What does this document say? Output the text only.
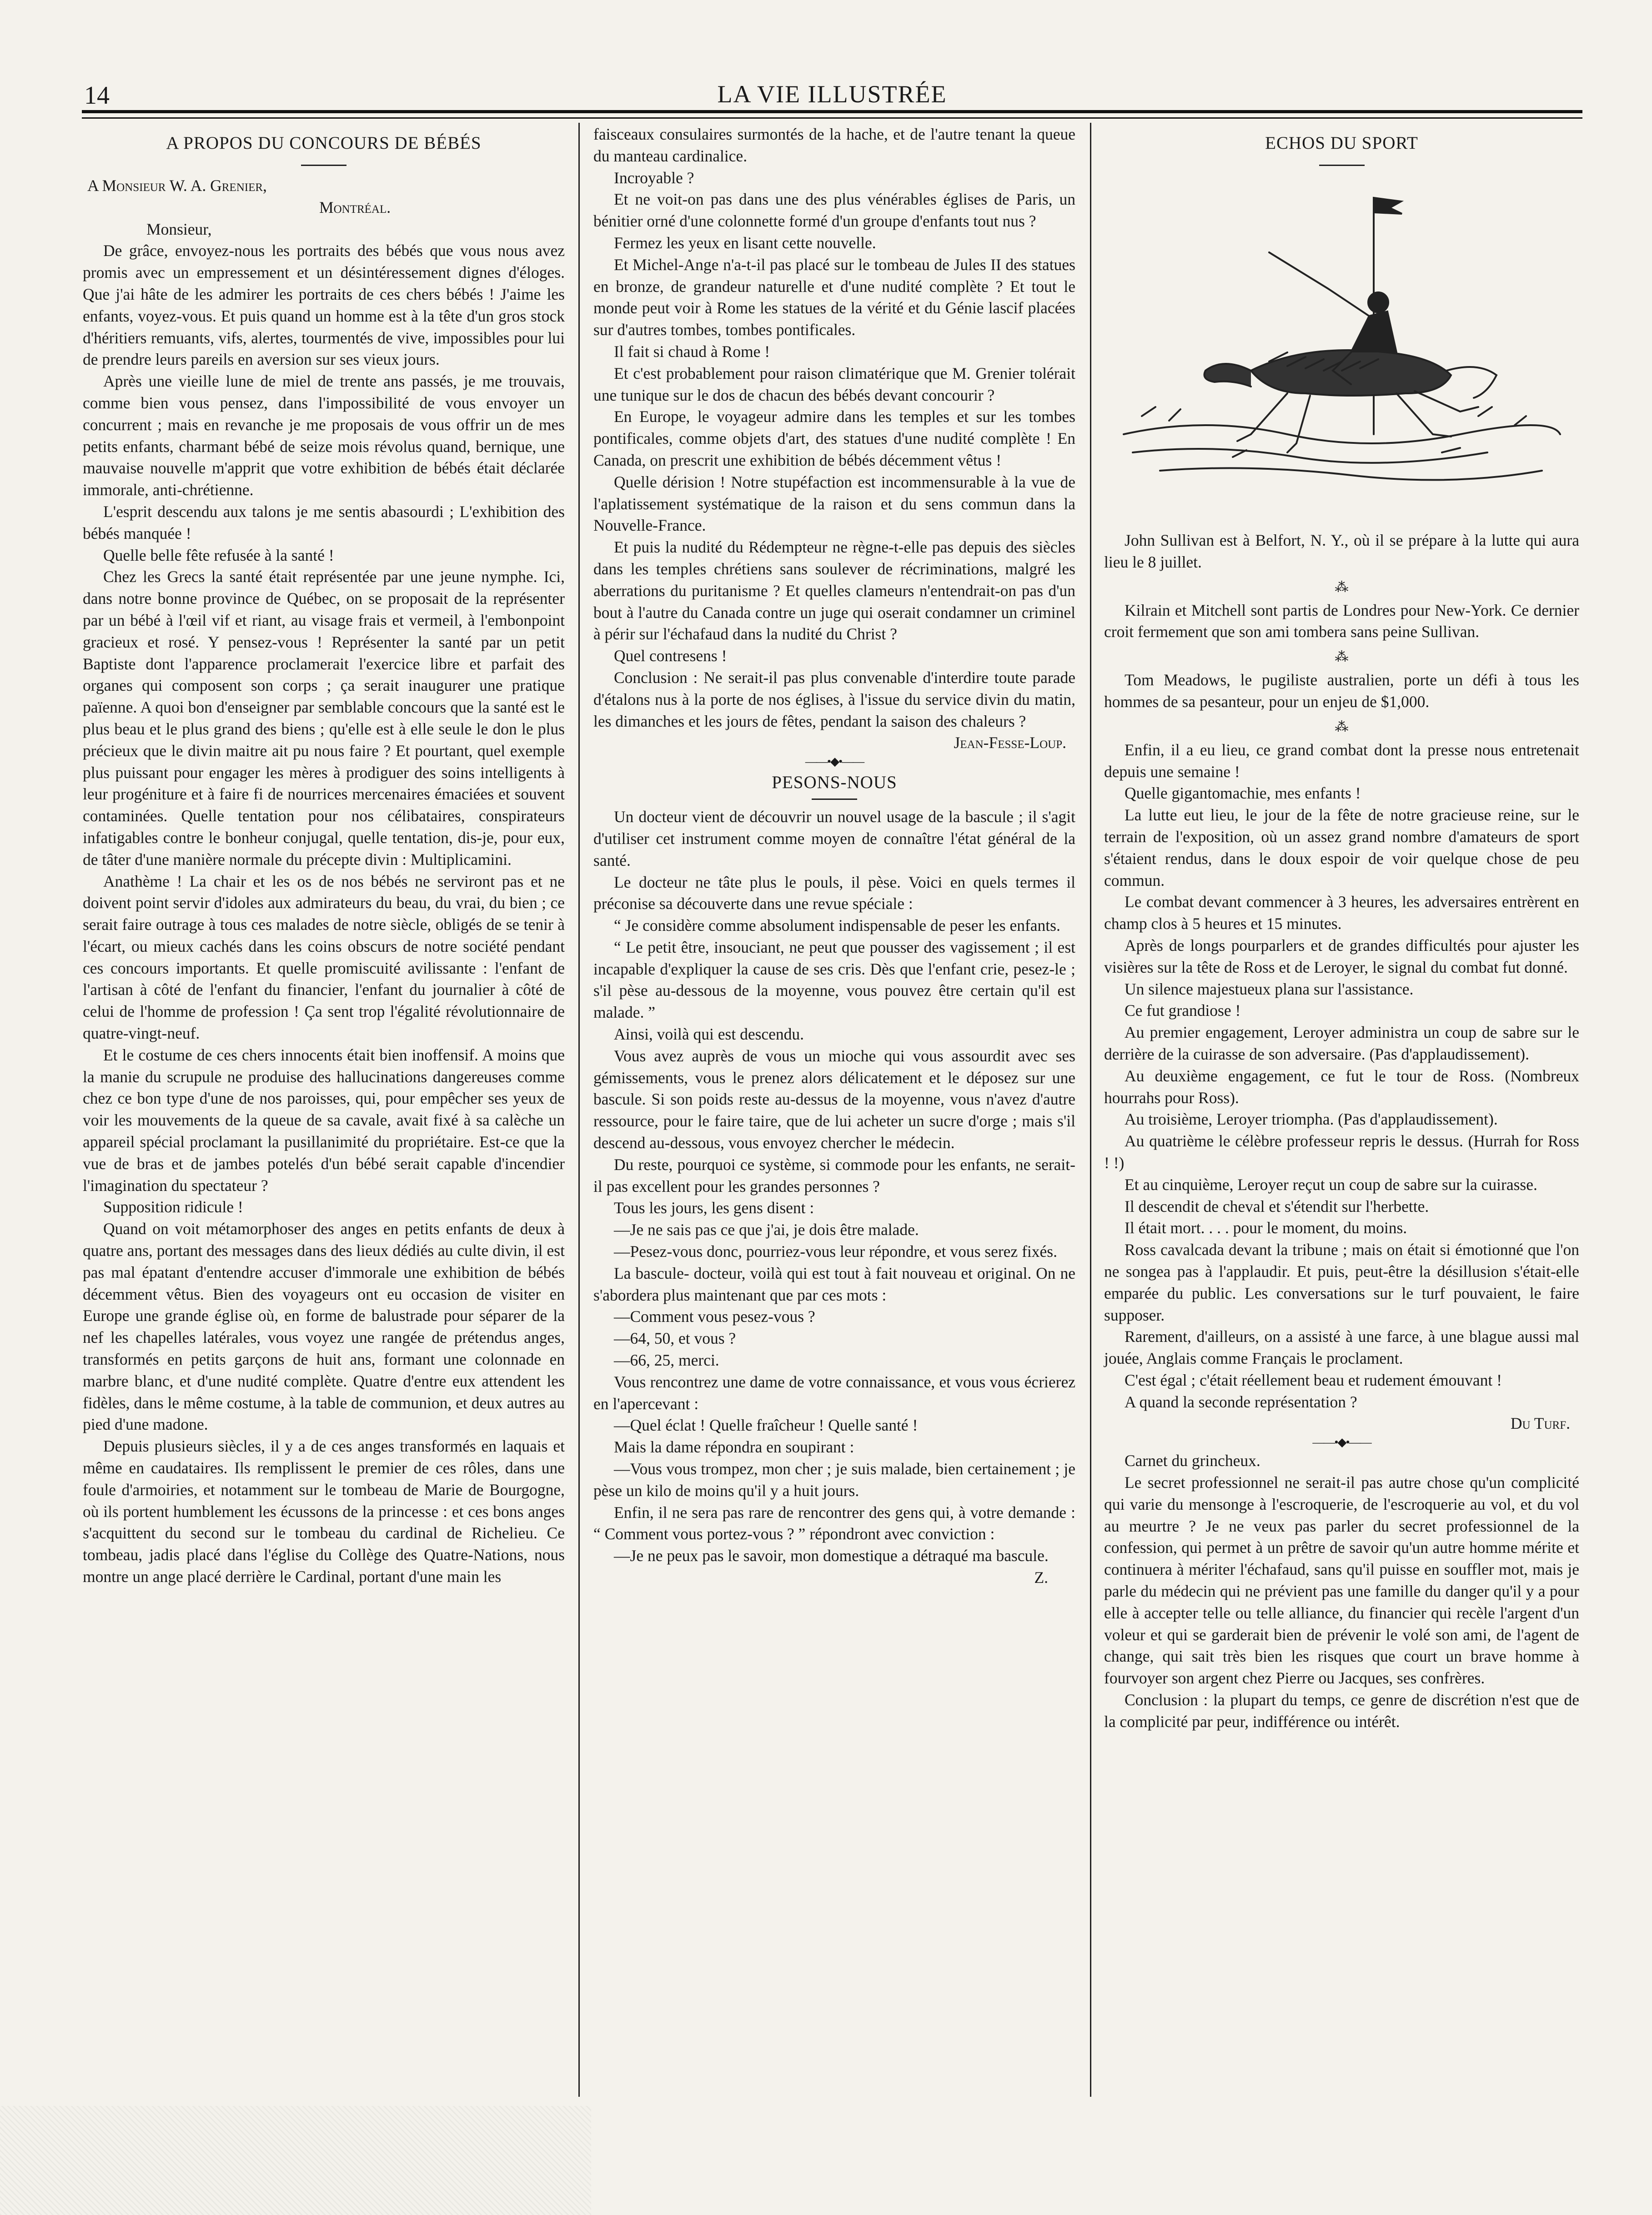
14	LA VIE ILLUSTRÉE
A PROPOS DU CONCOURS DE BÉBÉS

A Monsieur W. A. Grenier,

Montréal.

Monsieur,

De grâce, envoyez-nous les portraits des bébés que vous nous avez promis avec un empressement et un désintéressement dignes d'éloges. Que j'ai hâte de les admirer les portraits de ces chers bébés ! J'aime les enfants, voyez-vous. Et puis quand un homme est à la tête d'un gros stock d'héritiers remuants, vifs, alertes, tourmentés de vive, impossibles pour lui de prendre leurs pareils en aversion sur ses vieux jours.

Après une vieille lune de miel de trente ans passés, je me trouvais, comme bien vous pensez, dans l'impossibilité de vous envoyer un concurrent ; mais en revanche je me proposais de vous offrir un de mes petits enfants, charmant bébé de seize mois révolus quand, bernique, une mauvaise nouvelle m'apprit que votre exhibition de bébés était déclarée immorale, anti-chrétienne.

L'esprit descendu aux talons je me sentis abasourdi ; L'exhibition des bébés manquée !

Quelle belle fête refusée à la santé !

Chez les Grecs la santé était représentée par une jeune nymphe. Ici, dans notre bonne province de Québec, on se proposait de la représenter par un bébé à l'œil vif et riant, au visage frais et vermeil, à l'embonpoint gracieux et rosé. Y pensez-vous ! Représenter la santé par un petit Baptiste dont l'apparence proclamerait l'exercice libre et parfait des organes qui composent son corps ; ça serait inaugurer une pratique païenne. A quoi bon d'enseigner par semblable concours que la santé est le plus beau et le plus grand des biens ; qu'elle est à elle seule le don le plus précieux que le divin maitre ait pu nous faire ? Et pourtant, quel exemple plus puissant pour engager les mères à prodiguer des soins intelligents à leur progéniture et à faire fi de nourrices mercenaires émaciées et souvent contaminées. Quelle tentation pour nos célibataires, conspirateurs infatigables contre le bonheur conjugal, quelle tentation, dis-je, pour eux, de tâter d'une manière normale du précepte divin : Multiplicamini.

Anathème ! La chair et les os de nos bébés ne serviront pas et ne doivent point servir d'idoles aux admirateurs du beau, du vrai, du bien ; ce serait faire outrage à tous ces malades de notre siècle, obligés de se tenir à l'écart, ou mieux cachés dans les coins obscurs de notre société pendant ces concours importants. Et quelle promiscuité avilissante : l'enfant de l'artisan à côté de l'enfant du financier, l'enfant du journalier à côté de celui de l'homme de profession ! Ça sent trop l'égalité révolutionnaire de quatre-vingt-neuf.

Et le costume de ces chers innocents était bien inoffensif. A moins que la manie du scrupule ne produise des hallucinations dangereuses comme chez ce bon type d'une de nos paroisses, qui, pour empêcher ses yeux de voir les mouvements de la queue de sa cavale, avait fixé à sa calèche un appareil spécial proclamant la pusillanimité du propriétaire. Est-ce que la vue de bras et de jambes potelés d'un bébé serait capable d'incendier l'imagination du spectateur ?

Supposition ridicule !

Quand on voit métamorphoser des anges en petits enfants de deux à quatre ans, portant des messages dans des lieux dédiés au culte divin, il est pas mal épatant d'entendre accuser d'immorale une exhibition de bébés décemment vêtus. Bien des voyageurs ont eu occasion de visiter en Europe une grande église où, en forme de balustrade pour séparer de la nef les chapelles latérales, vous voyez une rangée de prétendus anges, transformés en petits garçons de huit ans, formant une colonnade en marbre blanc, et d'une nudité complète. Quatre d'entre eux attendent les fidèles, dans le même costume, à la table de communion, et deux autres au pied d'une madone.

Depuis plusieurs siècles, il y a de ces anges transformés en laquais et même en caudataires. Ils remplissent le premier de ces rôles, dans une foule d'armoiries, et notamment sur le tombeau de Marie de Bourgogne, où ils portent humblement les écussons de la princesse : et ces bons anges s'acquittent du second sur le tombeau du cardinal de Richelieu. Ce tombeau, jadis placé dans l'église du Collège des Quatre-Nations, nous montre un ange placé derrière le Cardinal, portant d'une main les

faisceaux consulaires surmontés de la hache, et de l'autre tenant la queue du manteau cardinalice.

Incroyable ?

Et ne voit-on pas dans une des plus vénérables églises de Paris, un bénitier orné d'une colonnette formé d'un groupe d'enfants tout nus ?

Fermez les yeux en lisant cette nouvelle.

Et Michel-Ange n'a-t-il pas placé sur le tombeau de Jules II des statues en bronze, de grandeur naturelle et d'une nudité complète ? Et tout le monde peut voir à Rome les statues de la vérité et du Génie lascif placées sur d'autres tombes, tombes pontificales.

Il fait si chaud à Rome !

Et c'est probablement pour raison climatérique que M. Grenier tolérait une tunique sur le dos de chacun des bébés devant concourir ?

En Europe, le voyageur admire dans les temples et sur les tombes pontificales, comme objets d'art, des statues d'une nudité complète ! En Canada, on prescrit une exhibition de bébés décemment vêtus !

Quelle dérision ! Notre stupéfaction est incommensurable à la vue de l'aplatissement systématique de la raison et du sens commun dans la Nouvelle-France.

Et puis la nudité du Rédempteur ne règne-t-elle pas depuis des siècles dans les temples chrétiens sans soulever de récriminations, malgré les aberrations du puritanisme ? Et quelles clameurs n'entendrait-on pas d'un bout à l'autre du Canada contre un juge qui oserait condamner un criminel à périr sur l'échafaud dans la nudité du Christ ?

Quel contresens !

Conclusion : Ne serait-il pas plus convenable d'interdire toute parade d'étalons nus à la porte de nos églises, à l'issue du service divin du matin, les dimanches et les jours de fêtes, pendant la saison des chaleurs ?

Jean-Fesse-Loup.

——•◆•——
PESONS-NOUS

Un docteur vient de découvrir un nouvel usage de la bascule ; il s'agit d'utiliser cet instrument comme moyen de connaître l'état général de la santé.

Le docteur ne tâte plus le pouls, il pèse. Voici en quels termes il préconise sa découverte dans une revue spéciale :

“ Je considère comme absolument indispensable de peser les enfants.

“ Le petit être, insouciant, ne peut que pousser des vagissement ; il est incapable d'expliquer la cause de ses cris. Dès que l'enfant crie, pesez-le ; s'il pèse au-dessous de la moyenne, vous pouvez être certain qu'il est malade. ”

Ainsi, voilà qui est descendu.

Vous avez auprès de vous un mioche qui vous assourdit avec ses gémissements, vous le prenez alors délicatement et le déposez sur une bascule. Si son poids reste au-dessus de la moyenne, vous n'avez d'autre ressource, pour le faire taire, que de lui acheter un sucre d'orge ; mais s'il descend au-dessous, vous envoyez chercher le médecin.

Du reste, pourquoi ce système, si commode pour les enfants, ne serait-il pas excellent pour les grandes personnes ?

Tous les jours, les gens disent :

—Je ne sais pas ce que j'ai, je dois être malade.

—Pesez-vous donc, pourriez-vous leur répondre, et vous serez fixés.

La bascule- docteur, voilà qui est tout à fait nouveau et original. On ne s'abordera plus maintenant que par ces mots :

—Comment vous pesez-vous ?

—64, 50, et vous ?

—66, 25, merci.

Vous rencontrez une dame de votre connaissance, et vous vous écrierez en l'apercevant :

—Quel éclat ! Quelle fraîcheur ! Quelle santé !

Mais la dame répondra en soupirant :

—Vous vous trompez, mon cher ; je suis malade, bien certainement ; je pèse un kilo de moins qu'il y a huit jours.

Enfin, il ne sera pas rare de rencontrer des gens qui, à votre demande : “ Comment vous portez-vous ? ” répondront avec conviction :

—Je ne peux pas le savoir, mon domestique a détraqué ma bascule.

Z.

ECHOS DU SPORT

John Sullivan est à Belfort, N. Y., où il se prépare à la lutte qui aura lieu le 8 juillet.

⁂

Kilrain et Mitchell sont partis de Londres pour New-York. Ce dernier croit fermement que son ami tombera sans peine Sullivan.

⁂

Tom Meadows, le pugiliste australien, porte un défi à tous les hommes de sa pesanteur, pour un enjeu de $1,000.

⁂

Enfin, il a eu lieu, ce grand combat dont la presse nous entretenait depuis une semaine !

Quelle gigantomachie, mes enfants !

La lutte eut lieu, le jour de la fête de notre gracieuse reine, sur le terrain de l'exposition, où un assez grand nombre d'amateurs de sport s'étaient rendus, dans le doux espoir de voir quelque chose de peu commun.

Le combat devant commencer à 3 heures, les adversaires entrèrent en champ clos à 5 heures et 15 minutes.

Après de longs pourparlers et de grandes difficultés pour ajuster les visières sur la tête de Ross et de Leroyer, le signal du combat fut donné.

Un silence majestueux plana sur l'assistance.

Ce fut grandiose !

Au premier engagement, Leroyer administra un coup de sabre sur le derrière de la cuirasse de son adversaire. (Pas d'applaudissement).

Au deuxième engagement, ce fut le tour de Ross. (Nombreux hourrahs pour Ross).

Au troisième, Leroyer triompha. (Pas d'applaudissement).

Au quatrième le célèbre professeur repris le dessus. (Hurrah for Ross ! !)

Et au cinquième, Leroyer reçut un coup de sabre sur la cuirasse.

Il descendit de cheval et s'étendit sur l'herbette.

Il était mort. . . . pour le moment, du moins.

Ross cavalcada devant la tribune ; mais on était si émotionné que l'on ne songea pas à l'applaudir. Et puis, peut-être la désillusion s'était-elle emparée du public. Les conversations sur le turf pouvaient, le faire supposer.

Rarement, d'ailleurs, on a assisté à une farce, à une blague aussi mal jouée, Anglais comme Français le proclament.

C'est égal ; c'était réellement beau et rudement émouvant !

A quand la seconde représentation ?

Du Turf.

——•◆•——

Carnet du grincheux.

Le secret professionnel ne serait-il pas autre chose qu'un complicité qui varie du mensonge à l'escroquerie, de l'escroquerie au vol, et du vol au meurtre ? Je ne veux pas parler du secret professionnel de la confession, qui permet à un prêtre de savoir qu'un autre homme mérite et continuera à mériter l'échafaud, sans qu'il puisse en souffler mot, mais je parle du médecin qui ne prévient pas une famille du danger qu'il y a pour elle à accepter telle ou telle alliance, du financier qui recèle l'argent d'un voleur et qui se garderait bien de prévenir le volé son ami, de l'agent de change, qui sait très bien les risques que court un brave homme à fourvoyer son argent chez Pierre ou Jacques, ses confrères.

Conclusion : la plupart du temps, ce genre de discrétion n'est que de la complicité par peur, indifférence ou intérêt.
